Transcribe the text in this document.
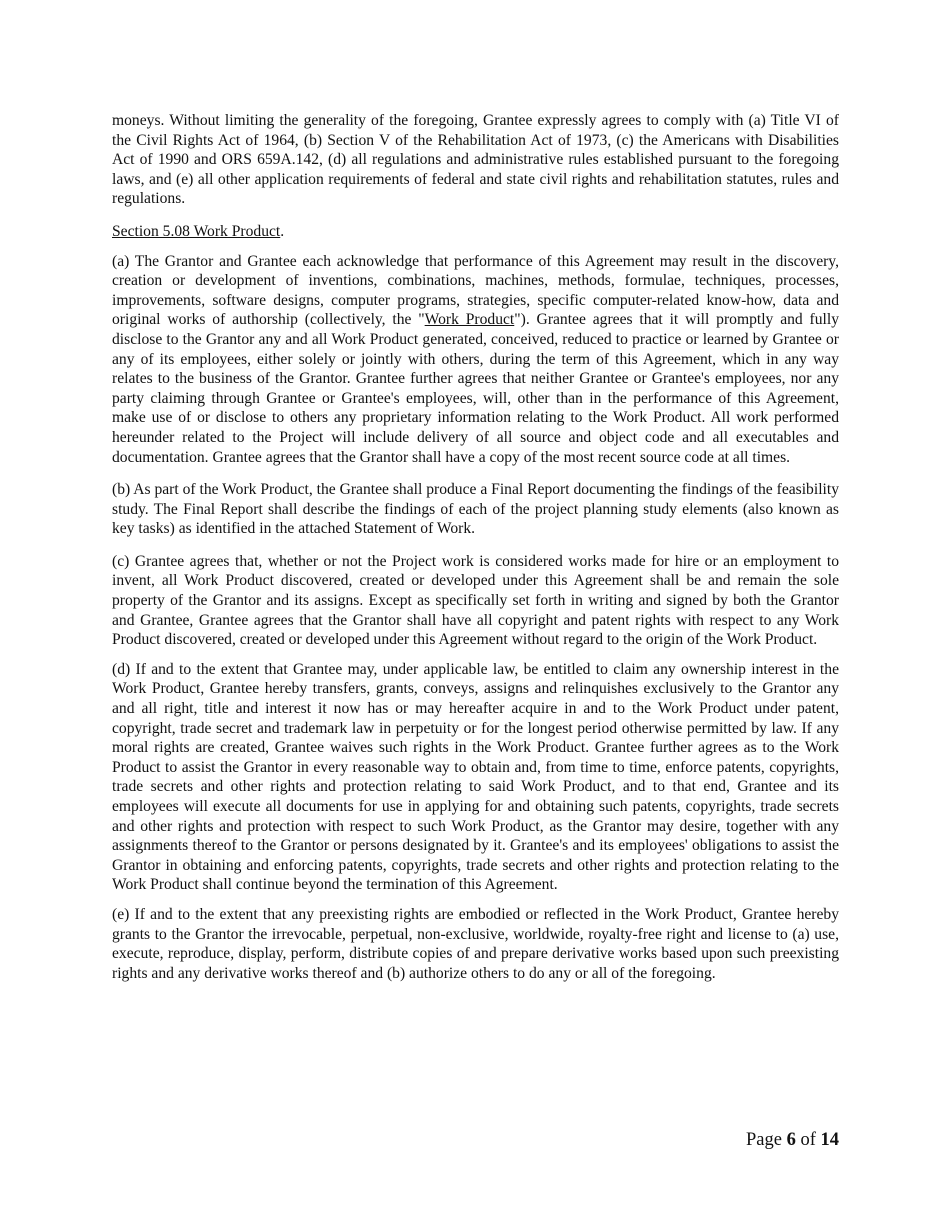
moneys. Without limiting the generality of the foregoing, Grantee expressly agrees to comply with (a) Title VI of the Civil Rights Act of 1964, (b) Section V of the Rehabilitation Act of 1973, (c) the Americans with Disabilities Act of 1990 and ORS 659A.142, (d) all regulations and administrative rules established pursuant to the foregoing laws, and (e) all other application requirements of federal and state civil rights and rehabilitation statutes, rules and regulations.

Section 5.08 Work Product.

(a) The Grantor and Grantee each acknowledge that performance of this Agreement may result in the discovery, creation or development of inventions, combinations, machines, methods, formulae, techniques, processes, improvements, software designs, computer programs, strategies, specific computer-related know-how, data and original works of authorship (collectively, the "Work Product"). Grantee agrees that it will promptly and fully disclose to the Grantor any and all Work Product generated, conceived, reduced to practice or learned by Grantee or any of its employees, either solely or jointly with others, during the term of this Agreement, which in any way relates to the business of the Grantor. Grantee further agrees that neither Grantee or Grantee's employees, nor any party claiming through Grantee or Grantee's employees, will, other than in the performance of this Agreement, make use of or disclose to others any proprietary information relating to the Work Product. All work performed hereunder related to the Project will include delivery of all source and object code and all executables and documentation. Grantee agrees that the Grantor shall have a copy of the most recent source code at all times.

(b) As part of the Work Product, the Grantee shall produce a Final Report documenting the findings of the feasibility study. The Final Report shall describe the findings of each of the project planning study elements (also known as key tasks) as identified in the attached Statement of Work.

(c) Grantee agrees that, whether or not the Project work is considered works made for hire or an employment to invent, all Work Product discovered, created or developed under this Agreement shall be and remain the sole property of the Grantor and its assigns. Except as specifically set forth in writing and signed by both the Grantor and Grantee, Grantee agrees that the Grantor shall have all copyright and patent rights with respect to any Work Product discovered, created or developed under this Agreement without regard to the origin of the Work Product.

(d) If and to the extent that Grantee may, under applicable law, be entitled to claim any ownership interest in the Work Product, Grantee hereby transfers, grants, conveys, assigns and relinquishes exclusively to the Grantor any and all right, title and interest it now has or may hereafter acquire in and to the Work Product under patent, copyright, trade secret and trademark law in perpetuity or for the longest period otherwise permitted by law. If any moral rights are created, Grantee waives such rights in the Work Product. Grantee further agrees as to the Work Product to assist the Grantor in every reasonable way to obtain and, from time to time, enforce patents, copyrights, trade secrets and other rights and protection relating to said Work Product, and to that end, Grantee and its employees will execute all documents for use in applying for and obtaining such patents, copyrights, trade secrets and other rights and protection with respect to such Work Product, as the Grantor may desire, together with any assignments thereof to the Grantor or persons designated by it. Grantee's and its employees' obligations to assist the Grantor in obtaining and enforcing patents, copyrights, trade secrets and other rights and protection relating to the Work Product shall continue beyond the termination of this Agreement.

(e) If and to the extent that any preexisting rights are embodied or reflected in the Work Product, Grantee hereby grants to the Grantor the irrevocable, perpetual, non-exclusive, worldwide, royalty-free right and license to (a) use, execute, reproduce, display, perform, distribute copies of and prepare derivative works based upon such preexisting rights and any derivative works thereof and (b) authorize others to do any or all of the foregoing.

Page 6 of 14
